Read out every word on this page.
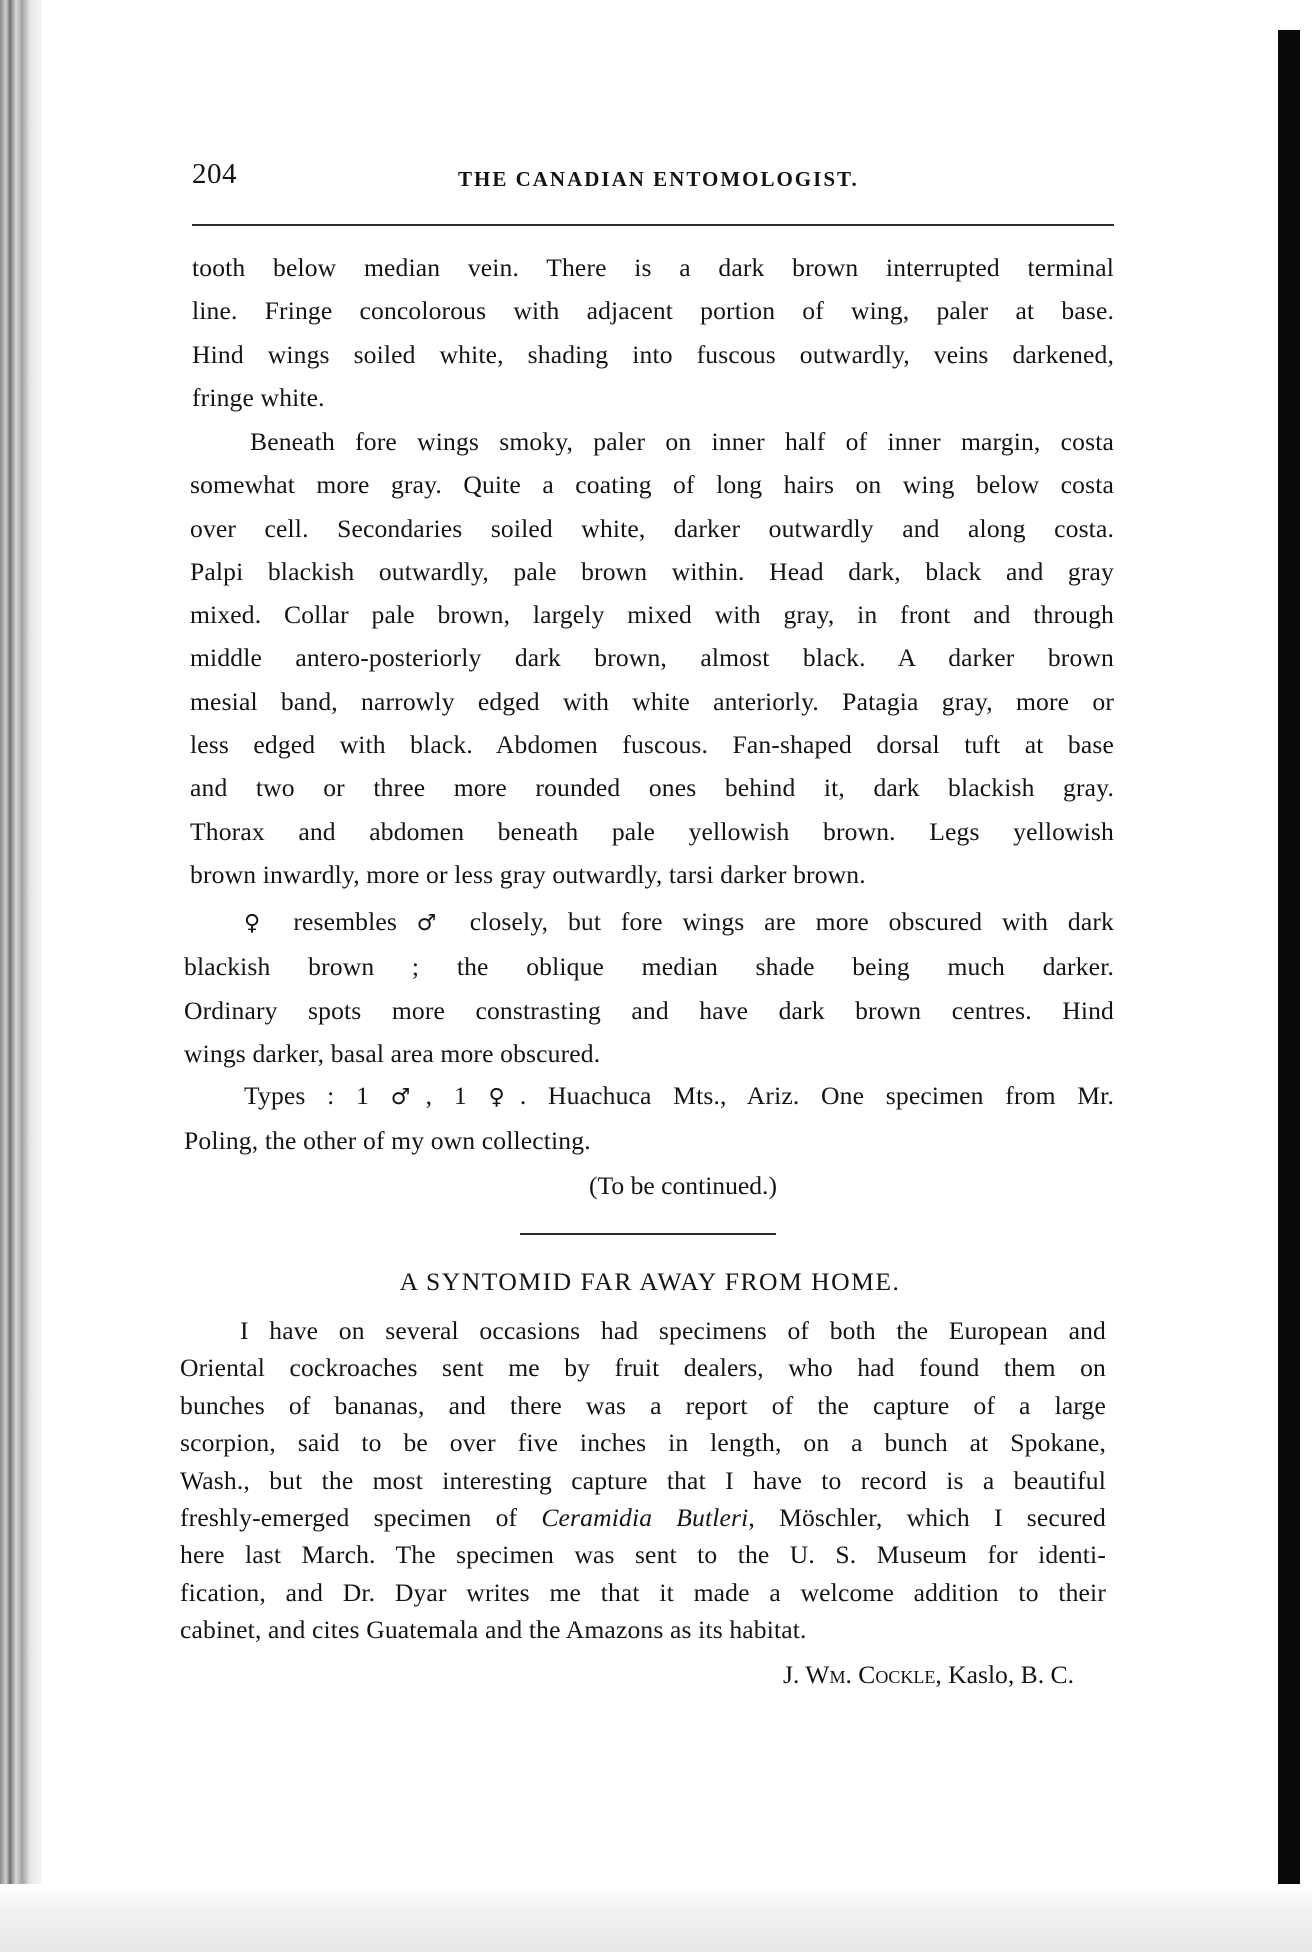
204	THE CANADIAN ENTOMOLOGIST.

tooth below median vein. There is a dark brown interrupted terminal

line. Fringe concolorous with adjacent portion of wing, paler at base.

Hind wings soiled white, shading into fuscous outwardly, veins darkened,

fringe white.

Beneath fore wings smoky, paler on inner half of inner margin, costa

somewhat more gray. Quite a coating of long hairs on wing below costa

over cell. Secondaries soiled white, darker outwardly and along costa.

Palpi blackish outwardly, pale brown within. Head dark, black and gray

mixed. Collar pale brown, largely mixed with gray, in front and through

middle antero-posteriorly dark brown, almost black. A darker brown

mesial band, narrowly edged with white anteriorly. Patagia gray, more or

less edged with black. Abdomen fuscous. Fan-shaped dorsal tuft at base

and two or three more rounded ones behind it, dark blackish gray.

Thorax and abdomen beneath pale yellowish brown. Legs yellowish

brown inwardly, more or less gray outwardly, tarsi darker brown.

♀ resembles ♂ closely, but fore wings are more obscured with dark

blackish brown ; the oblique median shade being much darker.

Ordinary spots more constrasting and have dark brown centres. Hind

wings darker, basal area more obscured.

Types : 1 ♂, 1 ♀. Huachuca Mts., Ariz. One specimen from Mr.

Poling, the other of my own collecting.

(To be continued.)
A SYNTOMID FAR AWAY FROM HOME.

I have on several occasions had specimens of both the European and

Oriental cockroaches sent me by fruit dealers, who had found them on

bunches of bananas, and there was a report of the capture of a large

scorpion, said to be over five inches in length, on a bunch at Spokane,

Wash., but the most interesting capture that I have to record is a beautiful

freshly-emerged specimen of Ceramidia Butleri, Möschler, which I secured

here last March. The specimen was sent to the U. S. Museum for identi-

fication, and Dr. Dyar writes me that it made a welcome addition to their

cabinet, and cites Guatemala and the Amazons as its habitat.

J. Wm. Cockle, Kaslo, B. C.
